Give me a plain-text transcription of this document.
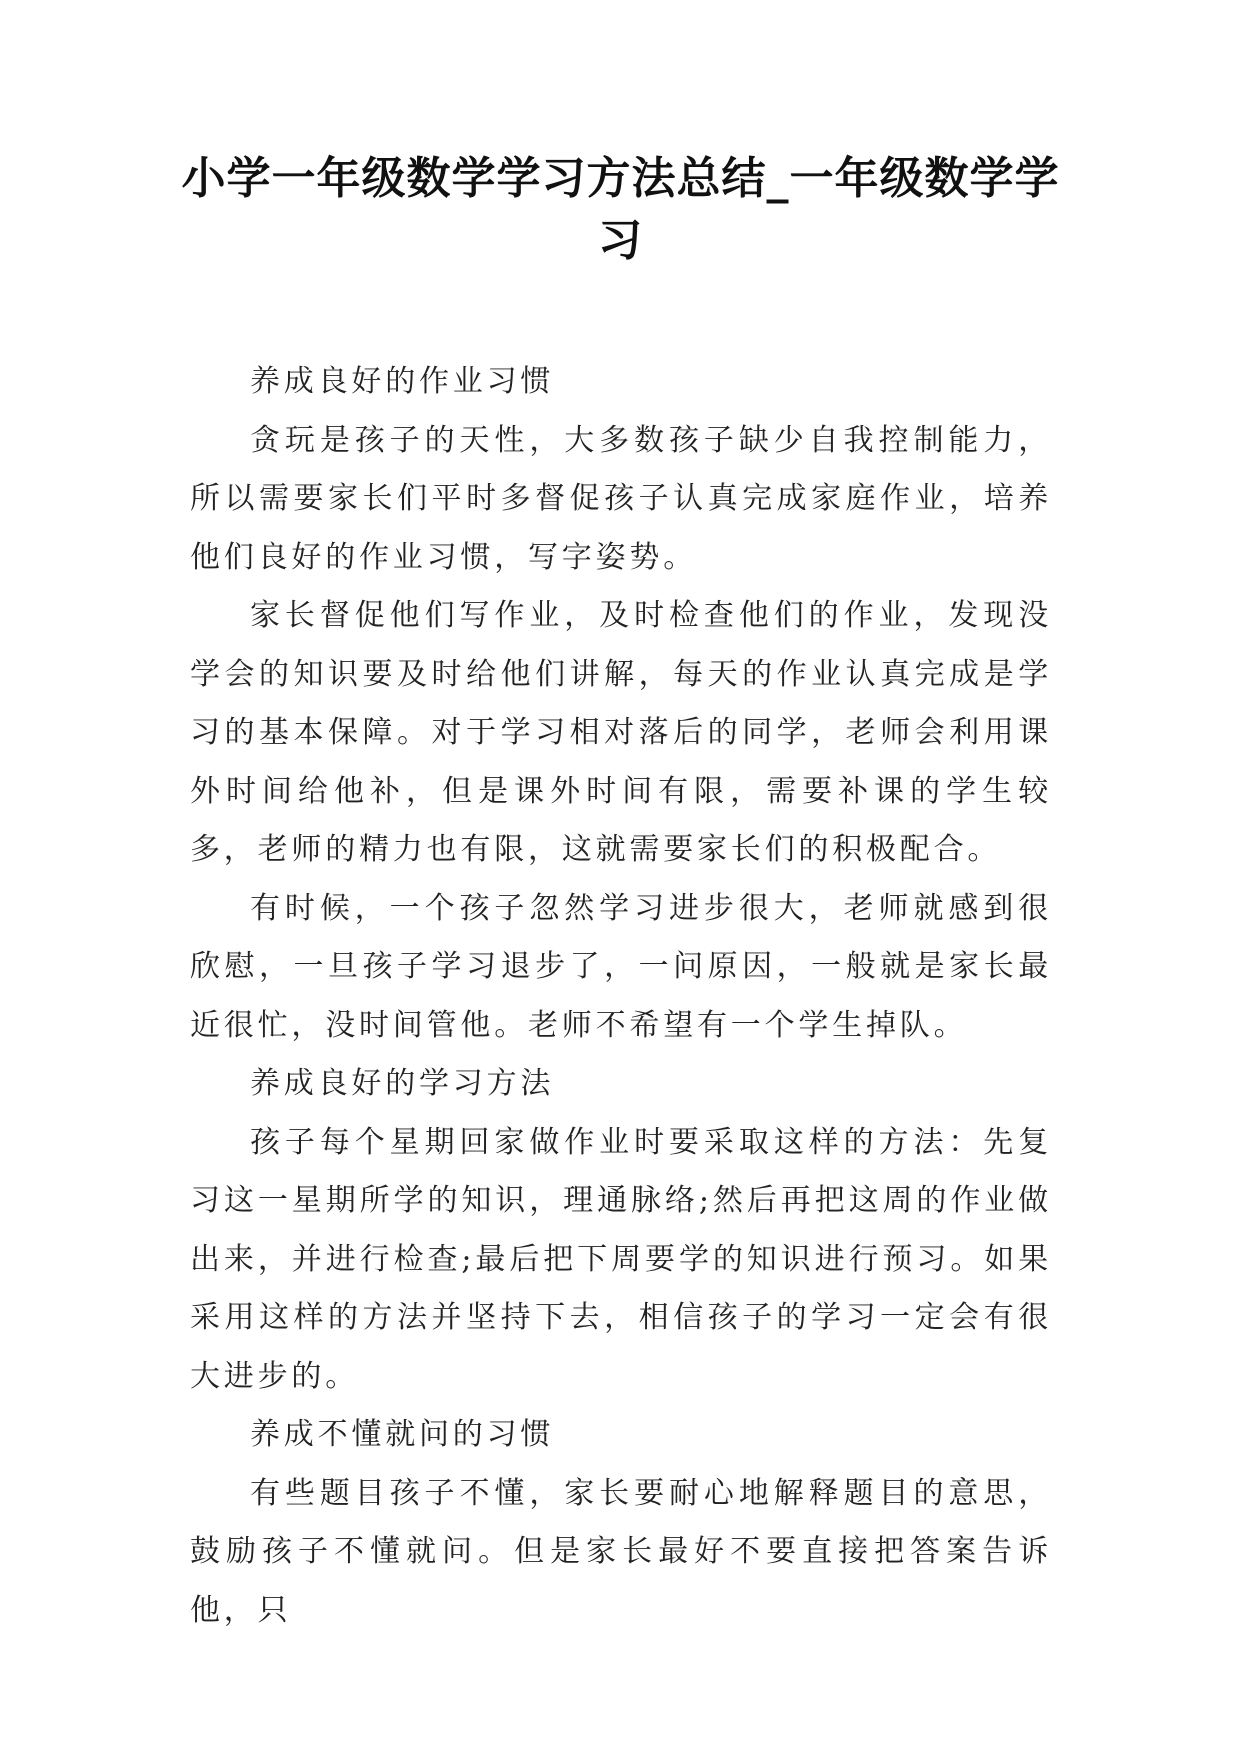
小学一年级数学学习方法总结_一年级数学学习

养成良好的作业习惯

贪玩是孩子的天性，大多数孩子缺少自我控制能力，所以需要家长们平时多督促孩子认真完成家庭作业，培养他们良好的作业习惯，写字姿势。

家长督促他们写作业，及时检查他们的作业，发现没学会的知识要及时给他们讲解，每天的作业认真完成是学习的基本保障。对于学习相对落后的同学，老师会利用课外时间给他补，但是课外时间有限，需要补课的学生较多，老师的精力也有限，这就需要家长们的积极配合。

有时候，一个孩子忽然学习进步很大，老师就感到很欣慰，一旦孩子学习退步了，一问原因，一般就是家长最近很忙，没时间管他。老师不希望有一个学生掉队。

养成良好的学习方法

孩子每个星期回家做作业时要采取这样的方法：先复习这一星期所学的知识，理通脉络;然后再把这周的作业做出来，并进行检查;最后把下周要学的知识进行预习。如果采用这样的方法并坚持下去，相信孩子的学习一定会有很大进步的。

养成不懂就问的习惯

有些题目孩子不懂，家长要耐心地解释题目的意思，鼓励孩子不懂就问。但是家长最好不要直接把答案告诉他，只
